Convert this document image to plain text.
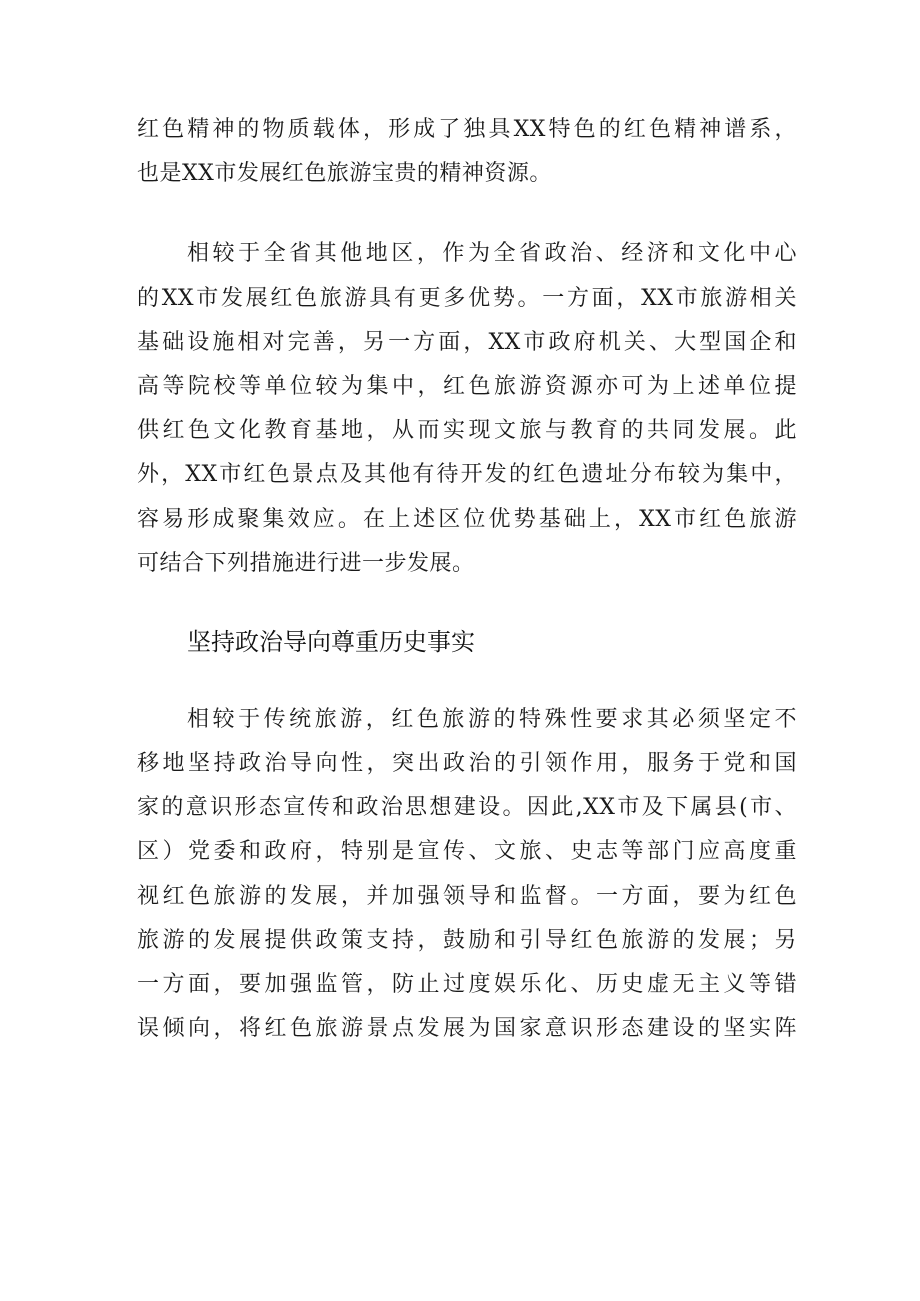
红色精神的物质载体，形成了独具XX特色的红色精神谱系，
也是XX市发展红色旅游宝贵的精神资源。
相较于全省其他地区，作为全省政治、经济和文化中心
的XX市发展红色旅游具有更多优势。一方面，XX市旅游相关
基础设施相对完善，另一方面，XX市政府机关、大型国企和
高等院校等单位较为集中，红色旅游资源亦可为上述单位提
供红色文化教育基地，从而实现文旅与教育的共同发展。此
外，XX市红色景点及其他有待开发的红色遗址分布较为集中，
容易形成聚集效应。在上述区位优势基础上，XX市红色旅游
可结合下列措施进行进一步发展。
坚持政治导向尊重历史事实
相较于传统旅游，红色旅游的特殊性要求其必须坚定不
移地坚持政治导向性，突出政治的引领作用，服务于党和国
家的意识形态宣传和政治思想建设。因此,XX市及下属县(市、
区）党委和政府，特别是宣传、文旅、史志等部门应高度重
视红色旅游的发展，并加强领导和监督。一方面，要为红色
旅游的发展提供政策支持，鼓励和引导红色旅游的发展；另
一方面，要加强监管，防止过度娱乐化、历史虚无主义等错
误倾向，将红色旅游景点发展为国家意识形态建设的坚实阵
